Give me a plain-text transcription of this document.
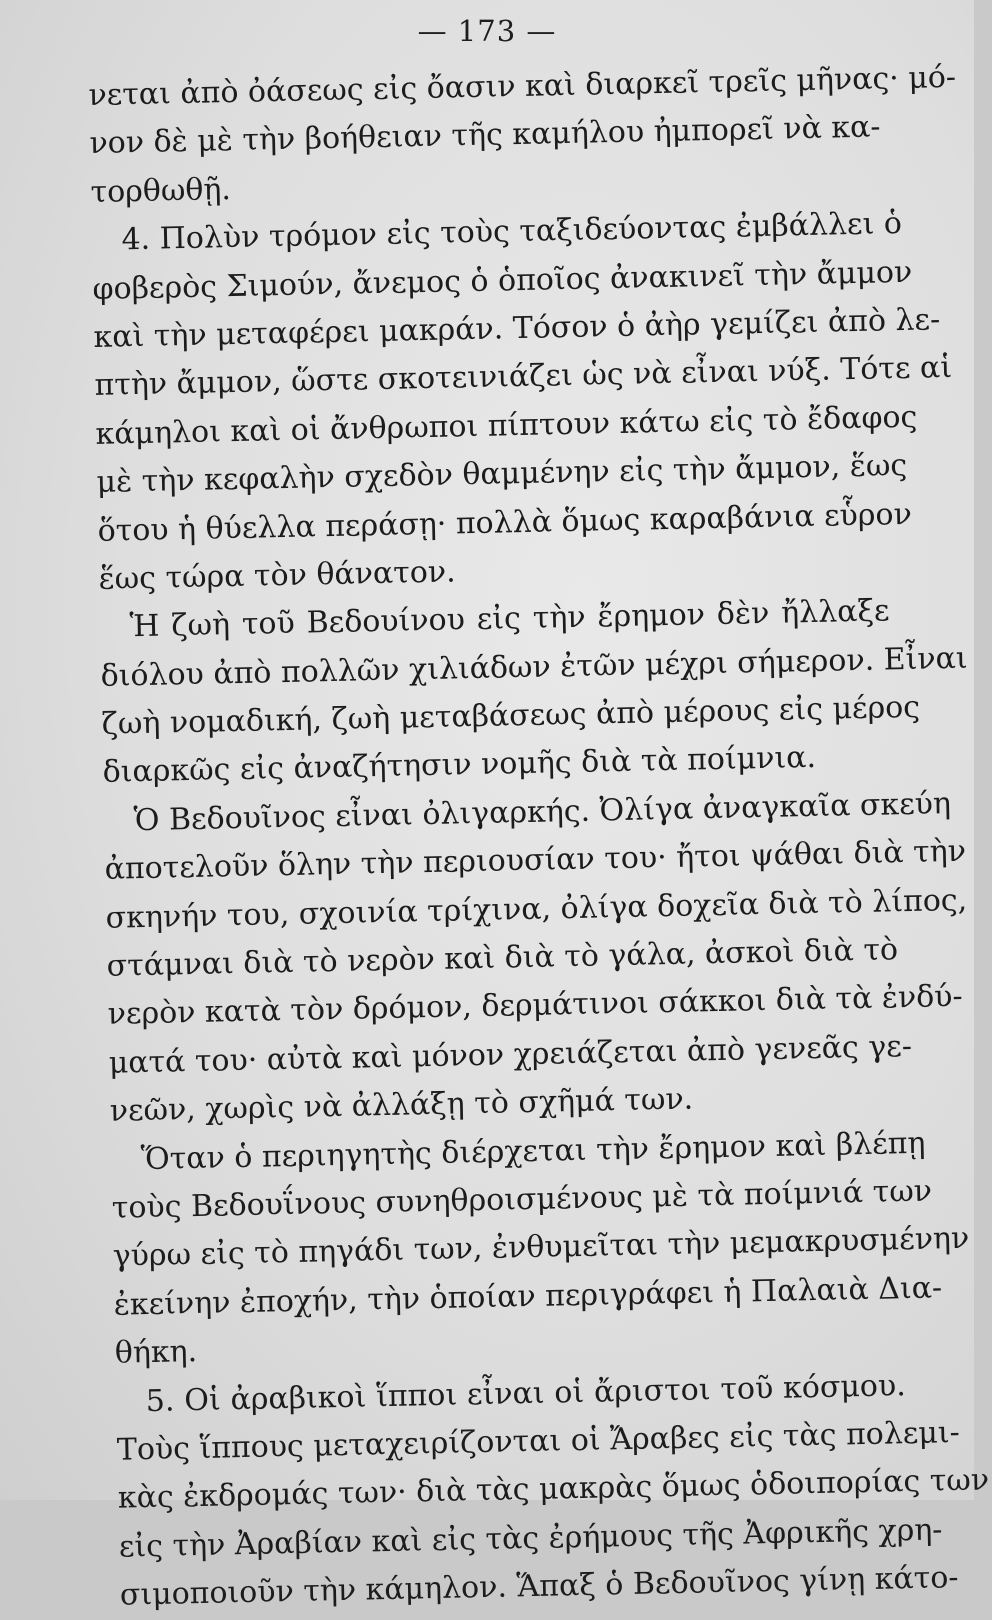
— 173 —
νεται ἀπὸ ὀάσεως εἰς ὄασιν καὶ διαρκεῖ τρεῖς μῆνας· μό-
νον δὲ μὲ τὴν βοήθειαν τῆς καμήλου ἠμπορεῖ νὰ κα-
τορθωθῇ.
4. Πολὺν τρόμον εἰς τοὺς ταξιδεύοντας ἐμβάλλει ὁ
φοβερὸς Σιμούν, ἄνεμος ὁ ὁποῖος ἀνακινεῖ τὴν ἄμμον
καὶ τὴν μεταφέρει μακράν. Τόσον ὁ ἀὴρ γεμίζει ἀπὸ λε-
πτὴν ἄμμον, ὥστε σκοτεινιάζει ὡς νὰ εἶναι νύξ. Τότε αἱ
κάμηλοι καὶ οἱ ἄνθρωποι πίπτουν κάτω εἰς τὸ ἔδαφος
μὲ τὴν κεφαλὴν σχεδὸν θαμμένην εἰς τὴν ἄμμον, ἕως
ὅτου ἡ θύελλα περάσῃ· πολλὰ ὅμως καραβάνια εὗρον
ἕως τώρα τὸν θάνατον.
Ἡ ζωὴ τοῦ Βεδουίνου εἰς τὴν ἔρημον δὲν ἤλλαξε
διόλου ἀπὸ πολλῶν χιλιάδων ἐτῶν μέχρι σήμερον. Εἶναι
ζωὴ νομαδική, ζωὴ μεταβάσεως ἀπὸ μέρους εἰς μέρος
διαρκῶς εἰς ἀναζήτησιν νομῆς διὰ τὰ ποίμνια.
Ὁ Βεδουῖνος εἶναι ὀλιγαρκής. Ὀλίγα ἀναγκαῖα σκεύη
ἀποτελοῦν ὅλην τὴν περιουσίαν του· ἤτοι ψάθαι διὰ τὴν
σκηνήν του, σχοινία τρίχινα, ὀλίγα δοχεῖα διὰ τὸ λίπος,
στάμναι διὰ τὸ νερὸν καὶ διὰ τὸ γάλα, ἀσκοὶ διὰ τὸ
νερὸν κατὰ τὸν δρόμον, δερμάτινοι σάκκοι διὰ τὰ ἐνδύ-
ματά του· αὐτὰ καὶ μόνον χρειάζεται ἀπὸ γενεᾶς γε-
νεῶν, χωρὶς νὰ ἀλλάξῃ τὸ σχῆμά των.
Ὅταν ὁ περιηγητὴς διέρχεται τὴν ἔρημον καὶ βλέπῃ
τοὺς Βεδουΐνους συνηθροισμένους μὲ τὰ ποίμνιά των
γύρω εἰς τὸ πηγάδι των, ἐνθυμεῖται τὴν μεμακρυσμένην
ἐκείνην ἐποχήν, τὴν ὁποίαν περιγράφει ἡ Παλαιὰ Δια-
θήκη.
5. Οἱ ἀραβικοὶ ἵπποι εἶναι οἱ ἄριστοι τοῦ κόσμου.
Τοὺς ἵππους μεταχειρίζονται οἱ Ἄραβες εἰς τὰς πολεμι-
κὰς ἐκδρομάς των· διὰ τὰς μακρὰς ὅμως ὁδοιπορίας των
εἰς τὴν Ἀραβίαν καὶ εἰς τὰς ἐρήμους τῆς Ἀφρικῆς χρη-
σιμοποιοῦν τὴν κάμηλον. Ἅπαξ ὁ Βεδουῖνος γίνῃ κάτο-
